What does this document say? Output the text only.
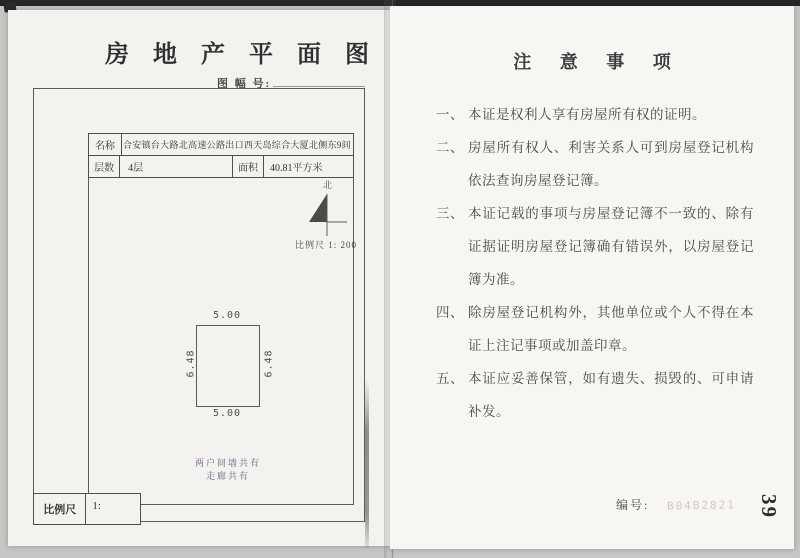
房 地 产 平 面 图
图 幅 号:
名称 合安镇台大路北高速公路出口西天岛综合大厦北侧东9间
层数	4层	面积	40.81平方米
北
比例尺 1: 200
5.00
5.00
6.48	6.48
两户间墙共有
走廊共有
比例尺	1:
注 意 事 项
一、 本证是权利人享有房屋所有权的证明。
二、 房屋所有权人、利害关系人可到房屋登记机构依法查询房屋登记簿。
三、 本证记载的事项与房屋登记簿不一致的、除有证据证明房屋登记簿确有错误外，以房屋登记簿为准。
四、 除房屋登记机构外，其他单位或个人不得在本证上注记事项或加盖印章。
五、 本证应妥善保管，如有遗失、损毁的、可申请补发。
编号: B04B2821 39
